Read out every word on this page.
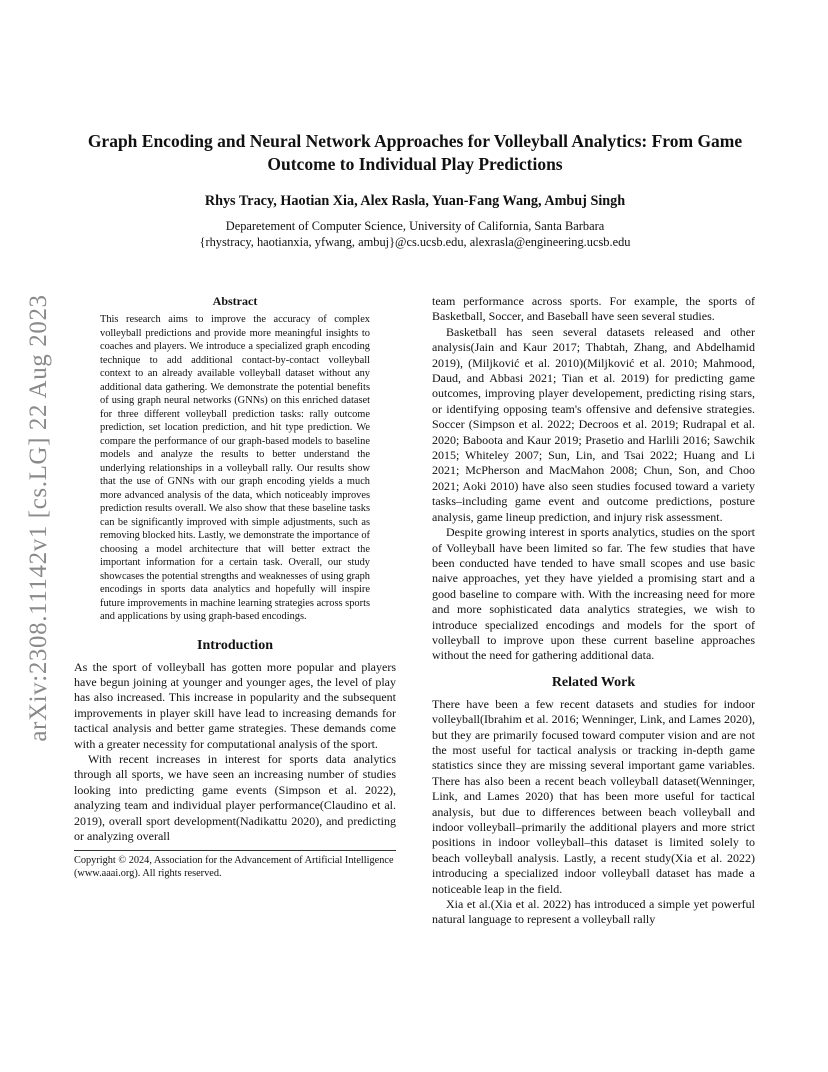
arXiv:2308.11142v1 [cs.LG] 22 Aug 2023
Graph Encoding and Neural Network Approaches for Volleyball Analytics: From Game Outcome to Individual Play Predictions
Rhys Tracy, Haotian Xia, Alex Rasla, Yuan-Fang Wang, Ambuj Singh
Deparetement of Computer Science, University of California, Santa Barbara
{rhystracy, haotianxia, yfwang, ambuj}@cs.ucsb.edu, alexrasla@engineering.ucsb.edu
Abstract

This research aims to improve the accuracy of complex volleyball predictions and provide more meaningful insights to coaches and players. We introduce a specialized graph encoding technique to add additional contact-by-contact volleyball context to an already available volleyball dataset without any additional data gathering. We demonstrate the potential benefits of using graph neural networks (GNNs) on this enriched dataset for three different volleyball prediction tasks: rally outcome prediction, set location prediction, and hit type prediction. We compare the performance of our graph-based models to baseline models and analyze the results to better understand the underlying relationships in a volleyball rally. Our results show that the use of GNNs with our graph encoding yields a much more advanced analysis of the data, which noticeably improves prediction results overall. We also show that these baseline tasks can be significantly improved with simple adjustments, such as removing blocked hits. Lastly, we demonstrate the importance of choosing a model architecture that will better extract the important information for a certain task. Overall, our study showcases the potential strengths and weaknesses of using graph encodings in sports data analytics and hopefully will inspire future improvements in machine learning strategies across sports and applications by using graph-based encodings.

Introduction

As the sport of volleyball has gotten more popular and players have begun joining at younger and younger ages, the level of play has also increased. This increase in popularity and the subsequent improvements in player skill have lead to increasing demands for tactical analysis and better game strategies. These demands come with a greater necessity for computational analysis of the sport.

With recent increases in interest for sports data analytics through all sports, we have seen an increasing number of studies looking into predicting game events (Simpson et al. 2022), analyzing team and individual player performance(Claudino et al. 2019), overall sport development(Nadikattu 2020), and predicting or analyzing overall

Copyright © 2024, Association for the Advancement of Artificial Intelligence (www.aaai.org). All rights reserved.

team performance across sports. For example, the sports of Basketball, Soccer, and Baseball have seen several studies.

Basketball has seen several datasets released and other analysis(Jain and Kaur 2017; Thabtah, Zhang, and Abdelhamid 2019), (Miljković et al. 2010)(Miljković et al. 2010; Mahmood, Daud, and Abbasi 2021; Tian et al. 2019) for predicting game outcomes, improving player developement, predicting rising stars, or identifying opposing team's offensive and defensive strategies. Soccer (Simpson et al. 2022; Decroos et al. 2019; Rudrapal et al. 2020; Baboota and Kaur 2019; Prasetio and Harlili 2016; Sawchik 2015; Whiteley 2007; Sun, Lin, and Tsai 2022; Huang and Li 2021; McPherson and MacMahon 2008; Chun, Son, and Choo 2021; Aoki 2010) have also seen studies focused toward a variety tasks–including game event and outcome predictions, posture analysis, game lineup prediction, and injury risk assessment.

Despite growing interest in sports analytics, studies on the sport of Volleyball have been limited so far. The few studies that have been conducted have tended to have small scopes and use basic naive approaches, yet they have yielded a promising start and a good baseline to compare with. With the increasing need for more and more sophisticated data analytics strategies, we wish to introduce specialized encodings and models for the sport of volleyball to improve upon these current baseline approaches without the need for gathering additional data.

Related Work

There have been a few recent datasets and studies for indoor volleyball(Ibrahim et al. 2016; Wenninger, Link, and Lames 2020), but they are primarily focused toward computer vision and are not the most useful for tactical analysis or tracking in-depth game statistics since they are missing several important game variables. There has also been a recent beach volleyball dataset(Wenninger, Link, and Lames 2020) that has been more useful for tactical analysis, but due to differences between beach volleyball and indoor volleyball–primarily the additional players and more strict positions in indoor volleyball–this dataset is limited solely to beach volleyball analysis. Lastly, a recent study(Xia et al. 2022) introducing a specialized indoor volleyball dataset has made a noticeable leap in the field.

Xia et al.(Xia et al. 2022) has introduced a simple yet powerful natural language to represent a volleyball rally
